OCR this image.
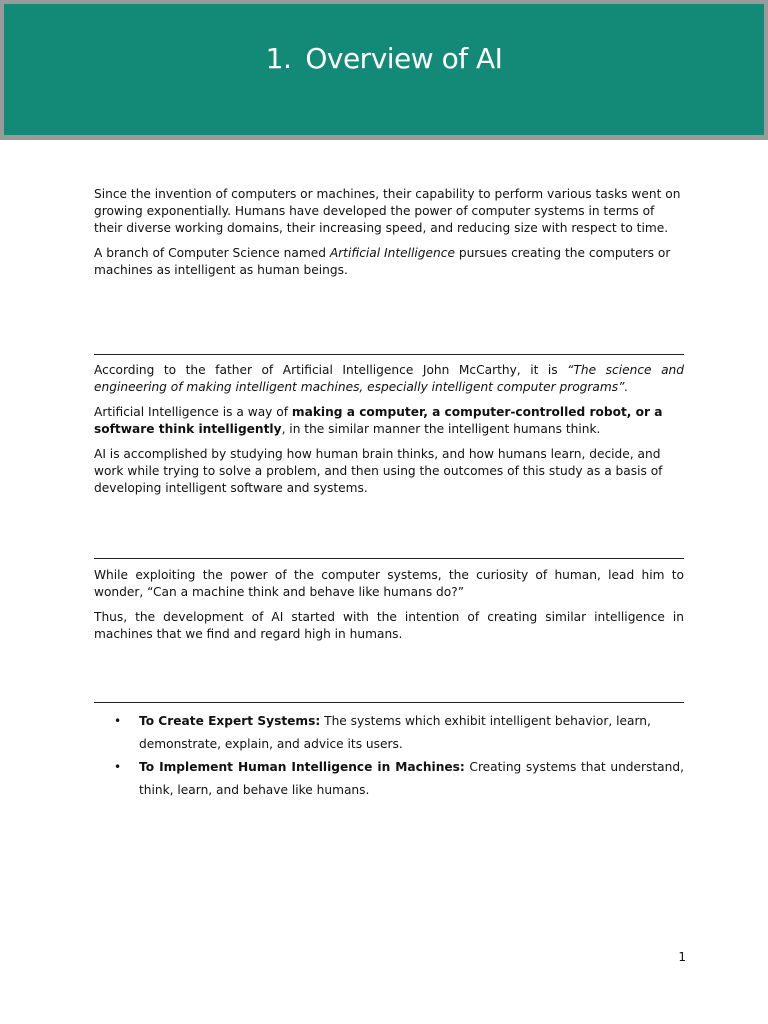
1. Overview of AI

Since the invention of computers or machines, their capability to perform various tasks went on growing exponentially. Humans have developed the power of computer systems in terms of their diverse working domains, their increasing speed, and reducing size with respect to time.

A branch of Computer Science named Artificial Intelligence pursues creating the computers or machines as intelligent as human beings.

According to the father of Artificial Intelligence John McCarthy, it is “The science and engineering of making intelligent machines, especially intelligent computer programs”.

Artificial Intelligence is a way of making a computer, a computer-controlled robot, or a software think intelligently, in the similar manner the intelligent humans think.

AI is accomplished by studying how human brain thinks, and how humans learn, decide, and work while trying to solve a problem, and then using the outcomes of this study as a basis of developing intelligent software and systems.

While exploiting the power of the computer systems, the curiosity of human, lead him to wonder, “Can a machine think and behave like humans do?”

Thus, the development of AI started with the intention of creating similar intelligence in machines that we find and regard high in humans.

• To Create Expert Systems: The systems which exhibit intelligent behavior, learn, demonstrate, explain, and advice its users.
• To Implement Human Intelligence in Machines: Creating systems that understand, think, learn, and behave like humans.
1
